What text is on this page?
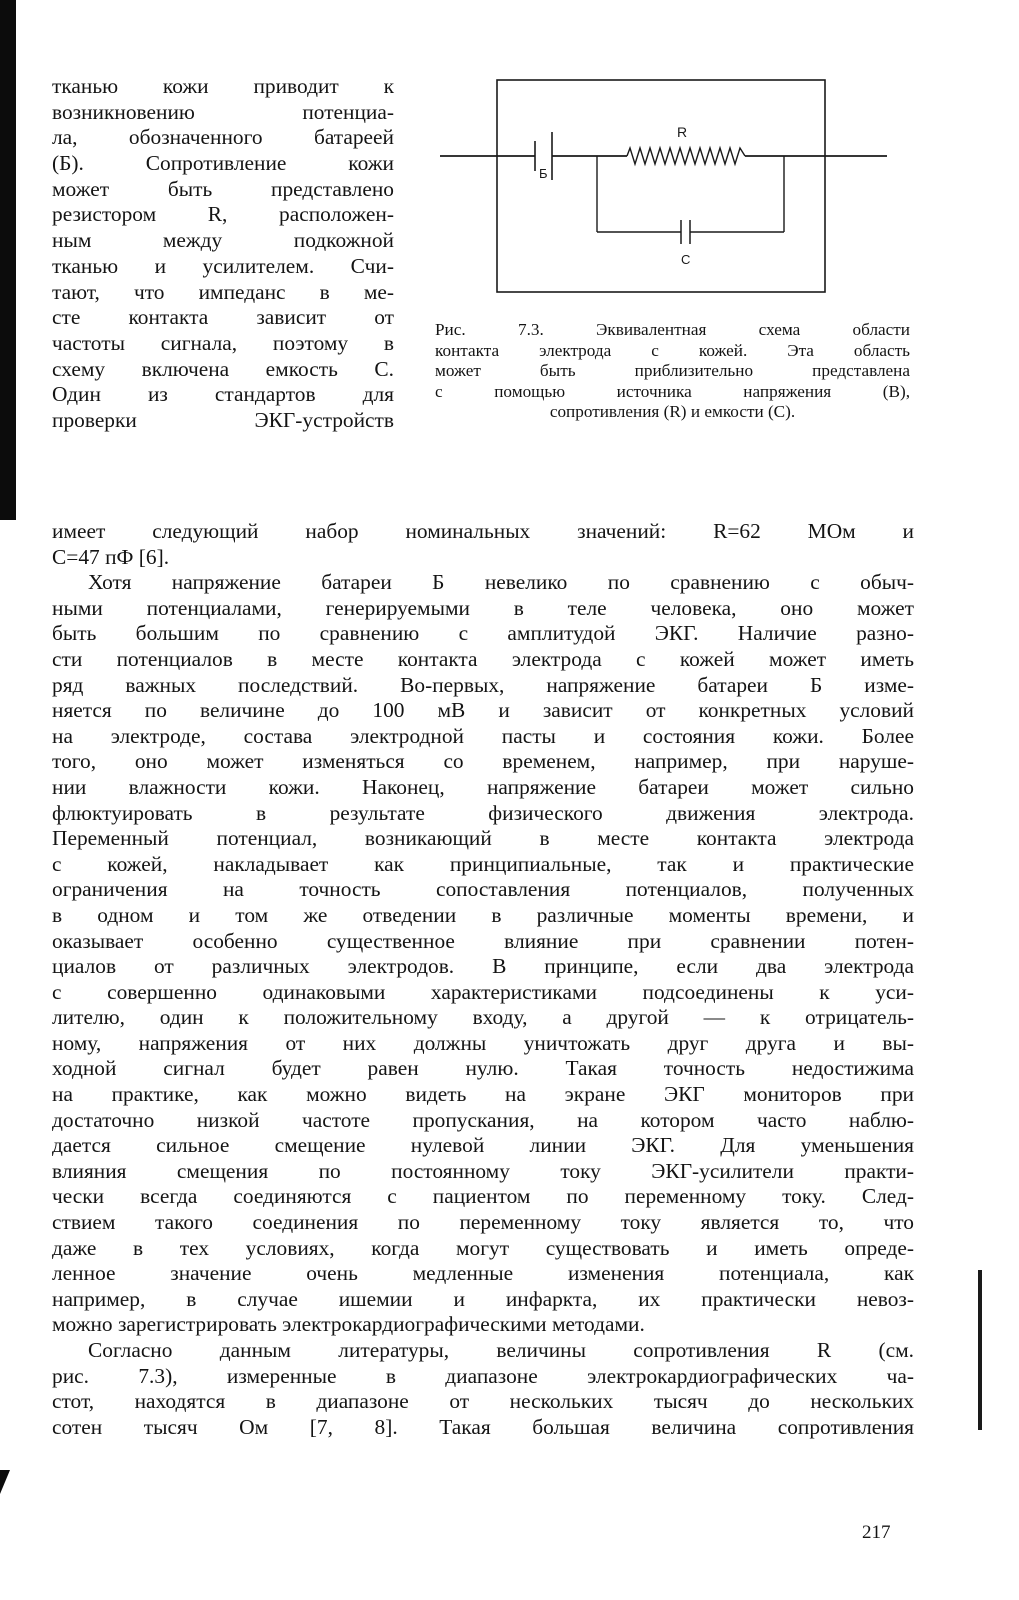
тканью кожи приводит к
возникновению потенциа-
ла, обозначенного батареей
(Б). Сопротивление кожи
может быть представлено
резистором R, расположен-
ным между подкожной
тканью и усилителем. Счи-
тают, что импеданс в ме-
сте контакта зависит от
частоты сигнала, поэтому в
схему включена емкость С.
Один из стандартов для
проверки ЭКГ-устройств
R
Б
C
Рис. 7.3. Эквивалентная схема области
контакта электрода с кожей. Эта область
может быть приблизительно представлена
с помощью источника напряжения (В),
сопротивления (R) и емкости (С).
имеет следующий набор номинальных значений: R=62 МОм и
С=47 пФ [6].
Хотя напряжение батареи Б невелико по сравнению с обыч-
ными потенциалами, генерируемыми в теле человека, оно может
быть большим по сравнению с амплитудой ЭКГ. Наличие разно-
сти потенциалов в месте контакта электрода с кожей может иметь
ряд важных последствий. Во-первых, напряжение батареи Б изме-
няется по величине до 100 мВ и зависит от конкретных условий
на электроде, состава электродной пасты и состояния кожи. Более
того, оно может изменяться со временем, например, при наруше-
нии влажности кожи. Наконец, напряжение батареи может сильно
флюктуировать в результате физического движения электрода.
Переменный потенциал, возникающий в месте контакта электрода
с кожей, накладывает как принципиальные, так и практические
ограничения на точность сопоставления потенциалов, полученных
в одном и том же отведении в различные моменты времени, и
оказывает особенно существенное влияние при сравнении потен-
циалов от различных электродов. В принципе, если два электрода
с совершенно одинаковыми характеристиками подсоединены к уси-
лителю, один к положительному входу, а другой — к отрицатель-
ному, напряжения от них должны уничтожать друг друга и вы-
ходной сигнал будет равен нулю. Такая точность недостижима
на практике, как можно видеть на экране ЭКГ мониторов при
достаточно низкой частоте пропускания, на котором часто наблю-
дается сильное смещение нулевой линии ЭКГ. Для уменьшения
влияния смещения по постоянному току ЭКГ-усилители практи-
чески всегда соединяются с пациентом по переменному току. След-
ствием такого соединения по переменному току является то, что
даже в тех условиях, когда могут существовать и иметь опреде-
ленное значение очень медленные изменения потенциала, как
например, в случае ишемии и инфаркта, их практически невоз-
можно зарегистрировать электрокардиографическими методами.
Согласно данным литературы, величины сопротивления R (см.
рис. 7.3), измеренные в диапазоне электрокардиографических ча-
стот, находятся в диапазоне от нескольких тысяч до нескольких
сотен тысяч Ом [7, 8]. Такая большая величина сопротивления
217
